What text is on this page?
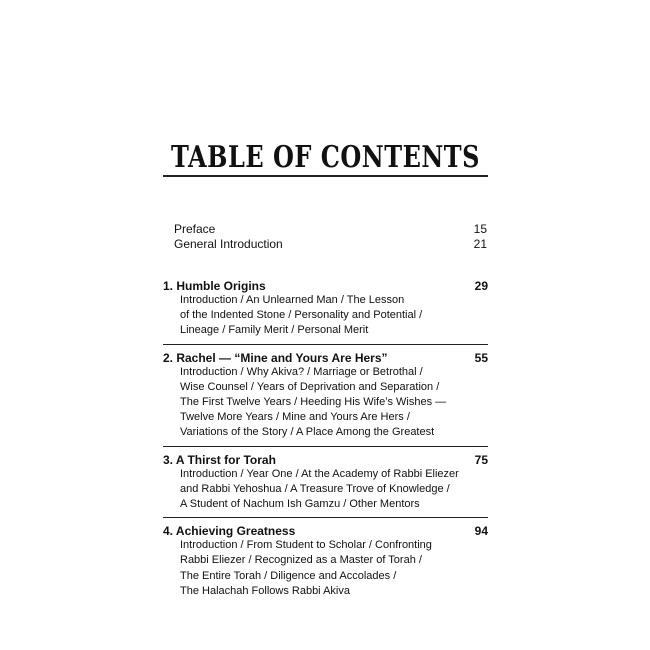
TABLE OF CONTENTS
Preface	15
General Introduction	21
1. Humble Origins	29
Introduction / An Unlearned Man / The Lesson
of the Indented Stone / Personality and Potential /
Lineage / Family Merit / Personal Merit
2. Rachel — “Mine and Yours Are Hers”	55
Introduction / Why Akiva? / Marriage or Betrothal /
Wise Counsel / Years of Deprivation and Separation /
The First Twelve Years / Heeding His Wife’s Wishes —
Twelve More Years / Mine and Yours Are Hers /
Variations of the Story / A Place Among the Greatest
3. A Thirst for Torah	75
Introduction / Year One / At the Academy of Rabbi Eliezer
and Rabbi Yehoshua / A Treasure Trove of Knowledge /
A Student of Nachum Ish Gamzu / Other Mentors
4. Achieving Greatness	94
Introduction / From Student to Scholar / Confronting
Rabbi Eliezer / Recognized as a Master of Torah /
The Entire Torah / Diligence and Accolades /
The Halachah Follows Rabbi Akiva
